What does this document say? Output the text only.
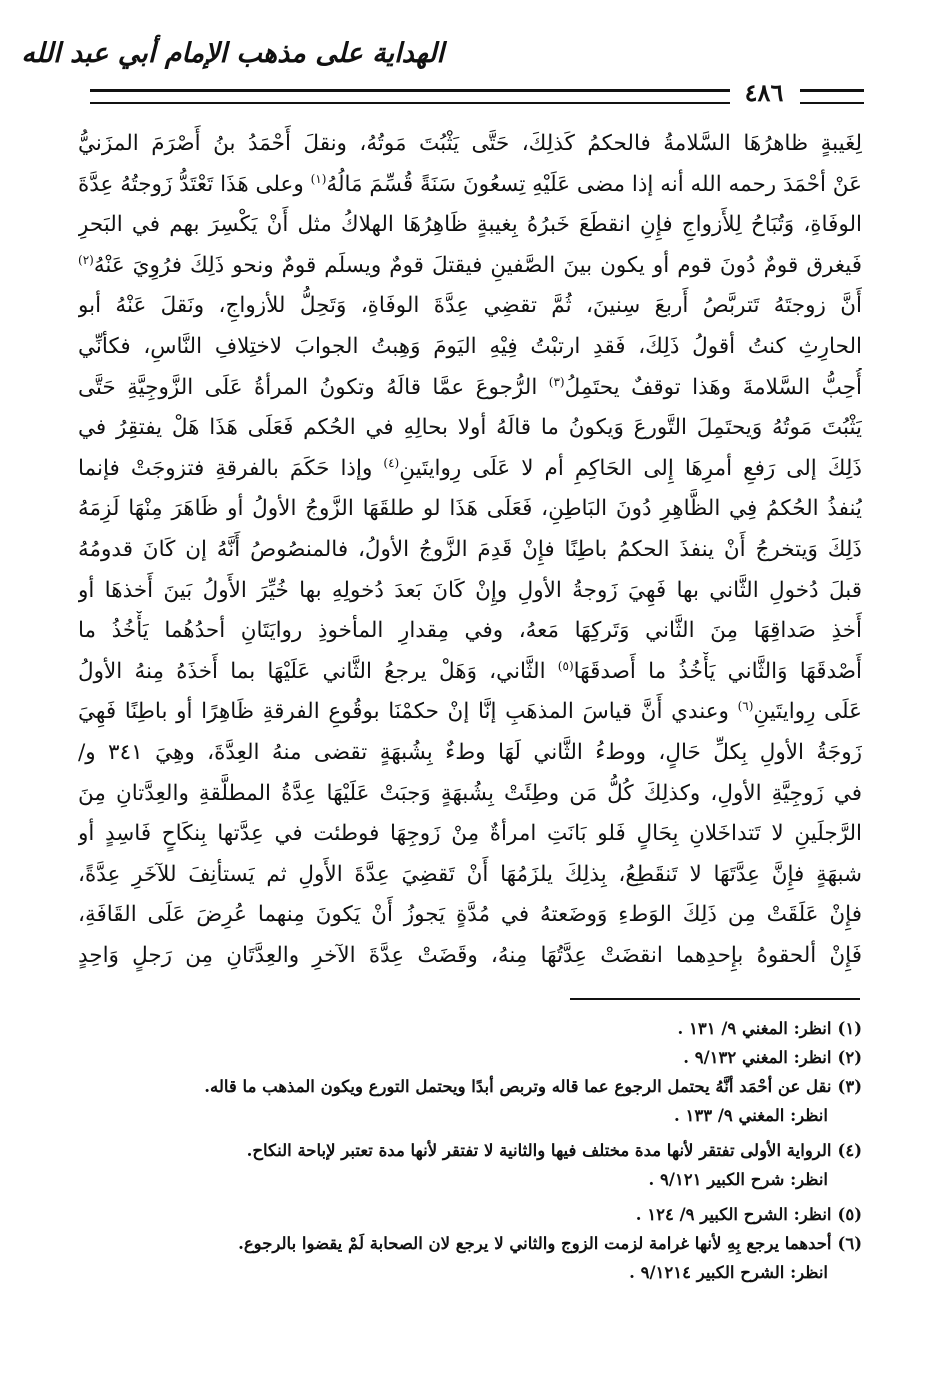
الهداية على مذهب الإمام أبي عبد الله
٤٨٦
لِغَيبةٍ ظاهرُهَا السَّلامةُ فالحكمُ كَذلِكَ، حَتَّى يَثْبُتَ مَوتُهُ، ونقلَ أَحْمَدُ بنُ أَصْرَمَ المزَنيُّ
عَنْ أحْمَدَ رحمه الله أنه إذا مضى عَلَيْهِ تِسعُونَ سَنَةً قُسِّمَ مَالُهُ$^{(١)}$ وعلى هَذَا تَعْتَدُّ زَوجتُهُ عِدَّةَ
الوفَاةِ، وَتُبَاحُ لِلأَزواجِ فإِنِ انقطَعَ خَبرُهُ بِغيبةٍ ظَاهِرُهَا الهلاكُ مثل أَنْ يَكْسِرَ بهم في البَحرِ
فَيغرق قومٌ دُونَ قوم أو يكون بينَ الصَّفينِ فيقتلَ قومٌ ويسلَم قومٌ ونحو ذَلِكَ فرُوِيَ عَنْهُ$^{(٢)}$
أَنَّ زوجتَهُ تَتربَّصُ أَربعَ سِنينَ، ثُمَّ تقضِي عِدَّةَ الوفَاةِ، وَتَحِلُّ للأزواجِ، ونَقلَ عَنْهُ أبو
الحارِثِ كنتُ أقولُ ذَلِكَ، فَقدِ ارتبْتُ فِيْهِ اليَومَ وَهِبتُ الجوابَ لاختِلافِ النَّاسِ، فكأنِّي
أُحِبُّ السَّلامةَ وهَذا توقفٌ يحتَمِلُ$^{(٣)}$ الرُّجوعَ عمَّا قالَهُ وتكونُ المرأةُ عَلَى الزَّوجِيَّةِ حَتَّى
يَثْبُتَ مَوتُهُ وَيحتَمِلَ التَّورعَ وَيكونُ ما قالَهُ أولا بحالِهِ في الحُكم فَعَلَى هَذَا هَلْ يفتقِرُ في
ذَلِكَ إلى رَفعِ أمرِهَا إِلى الحَاكِمِ أم لا عَلَى رِوايتَينِ$^{(٤)}$ وإذا حَكَمَ بالفرقةِ فتزوجَتْ فإنما
يُنفذُ الحُكمُ فِي الظَّاهِرِ دُونَ البَاطِنِ، فَعَلَى هَذَا لو طلقَهَا الزَّوجُ الأولُ أو ظَاهَرَ مِنْهَا لَزِمَهُ
ذَلِكَ وَيتخرجُ أَنْ ينفذَ الحكمُ باطِنًا فإِنْ قَدِمَ الزَّوجُ الأولُ، فالمنصُوصُ أَنَّهُ إن كَانَ قدومُهُ
قبلَ دُخولِ الثَّاني بها فَهِيَ زَوجةُ الأولِ وإِنْ كَانَ بَعدَ دُخولِهِ بها خُيِّرَ الأَولُ بَينَ أَخذهَا أو
أَخذِ صَداقِهَا مِنَ الثَّاني وَتَركِهَا مَعهُ، وفي مِقدارِ المأخوذِ روايَتَانِ أحدُهُما يَأْخُذُ ما
أَصْدقَهَا وَالثَّاني يَأْخُذُ ما أَصدقَهَا$^{(٥)}$ الثَّاني، وَهَلْ يرجعُ الثَّاني عَلَيْهَا بما أَخذَهُ مِنهُ الأولُ
عَلَى رِوايتَينِ$^{(٦)}$ وعندي أَنَّ قياسَ المذهَبِ إنَّا إنْ حكمْنَا بوقُوعِ الفرقةِ ظَاهِرًا أو باطِنًا فَهِيَ
زَوجَةُ الأولِ بِكلِّ حَالٍ، ووطءُ الثَّاني لَهَا وطءٌ بِشُبهَةٍ تقضى منهُ العِدَّةَ، وهِيَ ٣٤١ و/
في زَوجِيَّةِ الأولِ، وكذلِكَ كُلُّ مَن وطِئَتْ بِشُبهَةٍ وَجبَتْ عَلَيْهَا عِدَّةُ المطلَّقةِ والعِدَّتانِ مِنَ
الرَّجلَينِ لا تَتداخَلانِ بِحَالٍ فَلو بَانَتِ امرأةٌ مِنْ زَوجِهَا فوطئت في عِدَّتها بِنكَاحٍ فَاسِدٍ أو
شبهَةٍ فإِنَّ عِدَّتَهَا لا تَنقَطِعُ، بِذلِكَ يلزَمُهَا أَنْ تَقضِيَ عِدَّةَ الأَولِ ثم يَستأنِفَ للآخَرِ عِدَّةً،
فإِنْ عَلَقَتْ مِن ذَلِكَ الوَطءِ وَوضَعتهُ في مُدَّةٍ يَجوزُ أَنْ يَكونَ مِنهما عُرِضَ عَلَى القَافَةِ،
فَإِنْ ألحقوهُ بإِحدِهما انقضَتْ عِدَّتُهَا مِنهُ، وقَضَتْ عِدَّةَ الآخرِ والعِدَّتَانِ مِن رَجلٍ وَاحِدٍ
(١)انظر: المغني ٩/ ١٣١ .
(٢)انظر: المغني ٩/١٣٢ .
(٣)نقل عن أحْمَد أنَّهُ يحتمل الرجوع عما قاله وتربص أبدًا ويحتمل التورع ويكون المذهب ما قاله.
انظر: المغني ٩/ ١٣٣ .
(٤)الرواية الأولى تفتقر لأنها مدة مختلف فيها والثانية لا تفتقر لأنها مدة تعتبر لإباحة النكاح.
انظر: شرح الكبير ٩/١٢١ .
(٥)انظر: الشرح الكبير ٩/ ١٢٤ .
(٦)أحدهما يرجع بِهِ لأنها غرامة لزمت الزوج والثاني لا يرجع لان الصحابة لَمْ يقضوا بالرجوع.
انظر: الشرح الكبير ٩/١٢١٤ .
